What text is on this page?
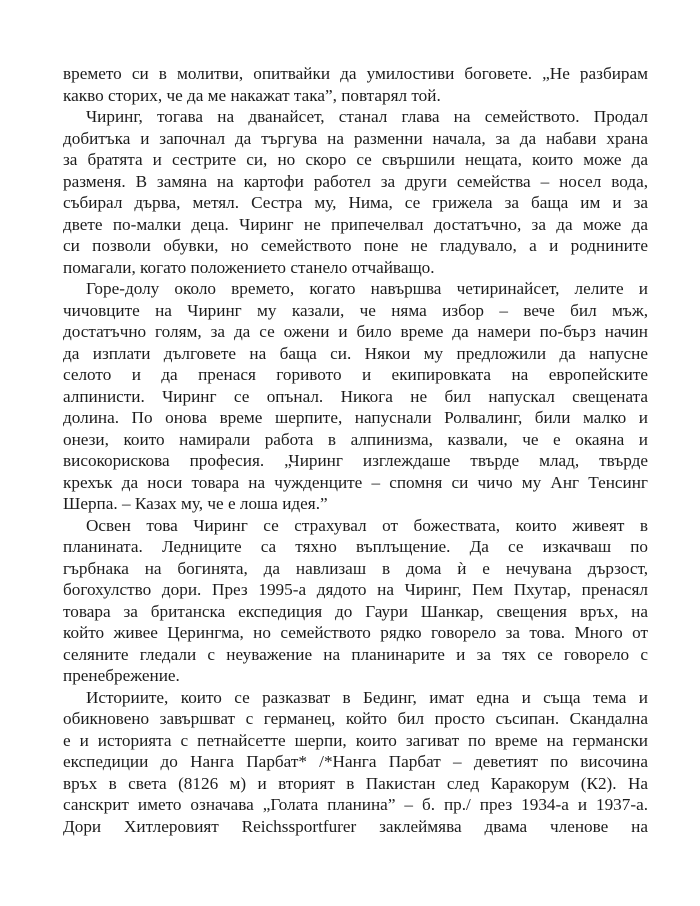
времето си в молитви, опитвайки да умилостиви боговете. „Не разбирам
какво сторих, че да ме накажат така”, повтарял той.
Чиринг, тогава на дванайсет, станал глава на семейството. Продал
добитъка и започнал да търгува на разменни начала, за да набави храна
за братята и сестрите си, но скоро се свършили нещата, които може да
разменя. В замяна на картофи работел за други семейства – носел вода,
събирал дърва, метял. Сестра му, Нима, се грижела за баща им и за
двете по-малки деца. Чиринг не припечелвал достатъчно, за да може да
си позволи обувки, но семейството поне не гладувало, а и роднините
помагали, когато положението станело отчайващо.
Горе-долу около времето, когато навършва четиринайсет, лелите и
чичовците на Чиринг му казали, че няма избор – вече бил мъж,
достатъчно голям, за да се ожени и било време да намери по-бърз начин
да изплати дълговете на баща си. Някои му предложили да напусне
селото и да пренася горивото и екипировката на европейските
алпинисти. Чиринг се опънал. Никога не бил напускал свещената
долина. По онова време шерпите, напуснали Ролвалинг, били малко и
онези, които намирали работа в алпинизма, казвали, че е окаяна и
високорискова професия. „Чиринг изглеждаше твърде млад, твърде
крехък да носи товара на чужденците – спомня си чичо му Анг Тенсинг
Шерпа. – Казах му, че е лоша идея.”
Освен това Чиринг се страхувал от божествата, които живеят в
планината. Ледниците са тяхно въплъщение. Да се изкачваш по
гърбнака на богинята, да навлизаш в дома ѝ е нечувана дързост,
богохулство дори. През 1995-а дядото на Чиринг, Пем Пхутар, пренасял
товара за британска експедиция до Гаури Шанкар, свещения връх, на
който живее Церингма, но семейството рядко говорело за това. Много от
селяните гледали с неуважение на планинарите и за тях се говорело с
пренебрежение.
Историите, които се разказват в Бединг, имат една и съща тема и
обикновено завършват с германец, който бил просто съсипан. Скандална
е и историята с петнайсетте шерпи, които загиват по време на германски
експедиции до Нанга Парбат* /*Нанга Парбат – деветият по височина
връх в света (8126 м) и вторият в Пакистан след Каракорум (К2). На
санскрит името означава „Голата планина” – б. пр./ през 1934-а и 1937-а.
Дори Хитлеровият Reichssportfurer заклеймява двама членове на
